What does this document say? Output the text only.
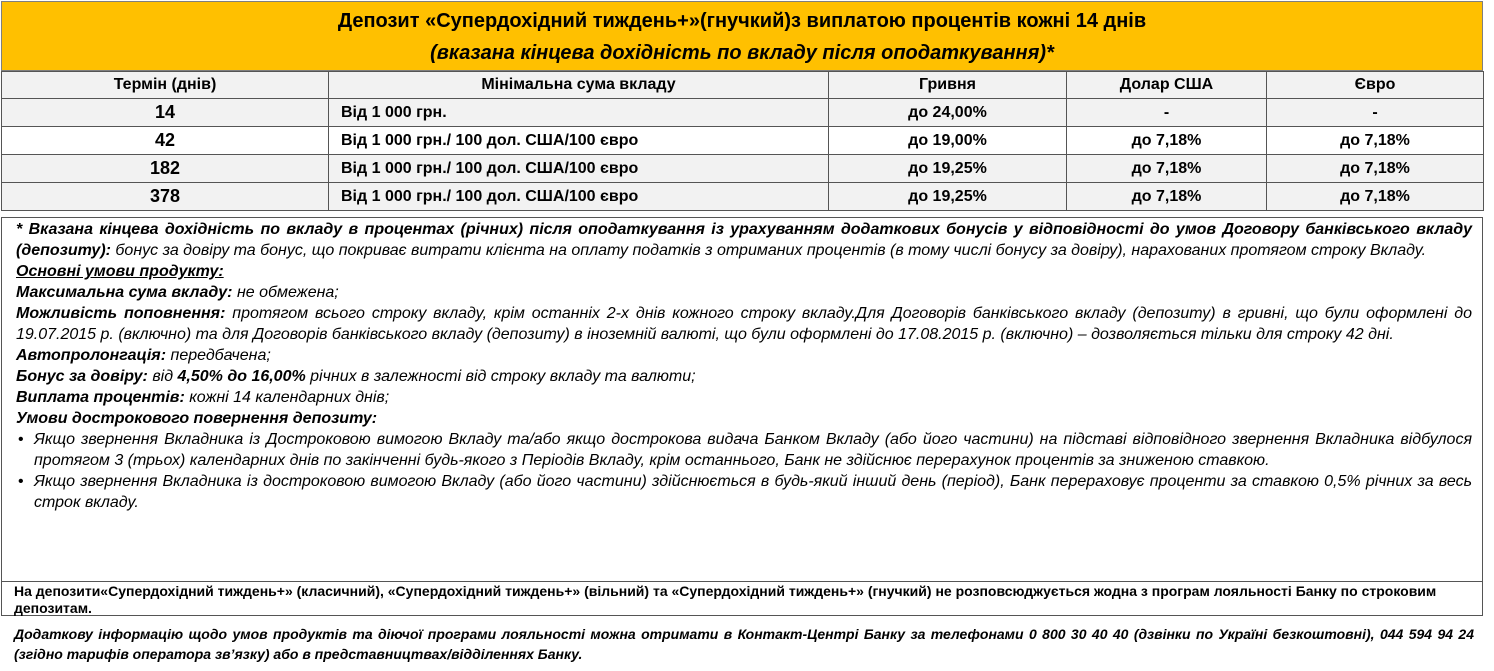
Депозит «Супердохідний тиждень+»(гнучкий)з виплатою процентів кожні 14 днів
(вказана кінцева дохідність по вкладу після оподаткування)*
Термін (днів)	Мінімальна сума вкладу	Гривня	Долар США	Євро
14	Від 1 000 грн.	до 24,00%	-	-
42	Від 1 000 грн./ 100 дол. США/100 євро	до 19,00%	до 7,18%	до 7,18%
182	Від 1 000 грн./ 100 дол. США/100 євро	до 19,25%	до 7,18%	до 7,18%
378	Від 1 000 грн./ 100 дол. США/100 євро	до 19,25%	до 7,18%	до 7,18%

* Вказана кінцева дохідність по вкладу в процентах (річних) після оподаткування із урахуванням додаткових бонусів у відповідності до умов Договору банківського вкладу (депозиту): бонус за довіру та бонус, що покриває витрати клієнта на оплату податків з отриманих процентів (в тому числі бонусу за довіру), нарахованих протягом строку Вкладу.

Основні умови продукту:

Максимальна сума вкладу: не обмежена;

Можливість поповнення: протягом всього строку вкладу, крім останніх 2-х днів кожного строку вкладу.Для Договорів банківського вкладу (депозиту) в гривні, що були оформлені до 19.07.2015 р. (включно) та для Договорів банківського вкладу (депозиту) в іноземній валюті, що були оформлені до 17.08.2015 р. (включно) – дозволяється тільки для строку 42 дні.

Автопролонгація: передбачена;

Бонус за довіру: від 4,50% до 16,00% річних в залежності від строку вкладу та валюти;

Виплата процентів: кожні 14 календарних днів;

Умови дострокового повернення депозиту:

• Якщо звернення Вкладника із Достроковою вимогою Вкладу та/або якщо дострокова видача Банком Вкладу (або його частини) на підставі відповідного звернення Вкладника відбулося протягом 3 (трьох) календарних днів по закінченні будь-якого з Періодів Вкладу, крім останнього, Банк не здійснює перерахунок процентів за зниженою ставкою.
• Якщо звернення Вкладника із достроковою вимогою Вкладу (або його частини) здійснюється в будь-який інший день (період), Банк перераховує проценти за ставкою 0,5% річних за весь строк вкладу.
На депозити«Супердохідний тиждень+» (класичний), «Супердохідний тиждень+» (вільний) та «Супердохідний тиждень+» (гнучкий) не розповсюджується жодна з програм лояльності Банку по строковим депозитам.
Додаткову інформацію щодо умов продуктів та діючої програми лояльності можна отримати в Контакт-Центрі Банку за телефонами 0 800 30 40 40 (дзвінки по Україні безкоштовні), 044 594 94 24 (згідно тарифів оператора зв’язку) або в представництвах/відділеннях Банку.
